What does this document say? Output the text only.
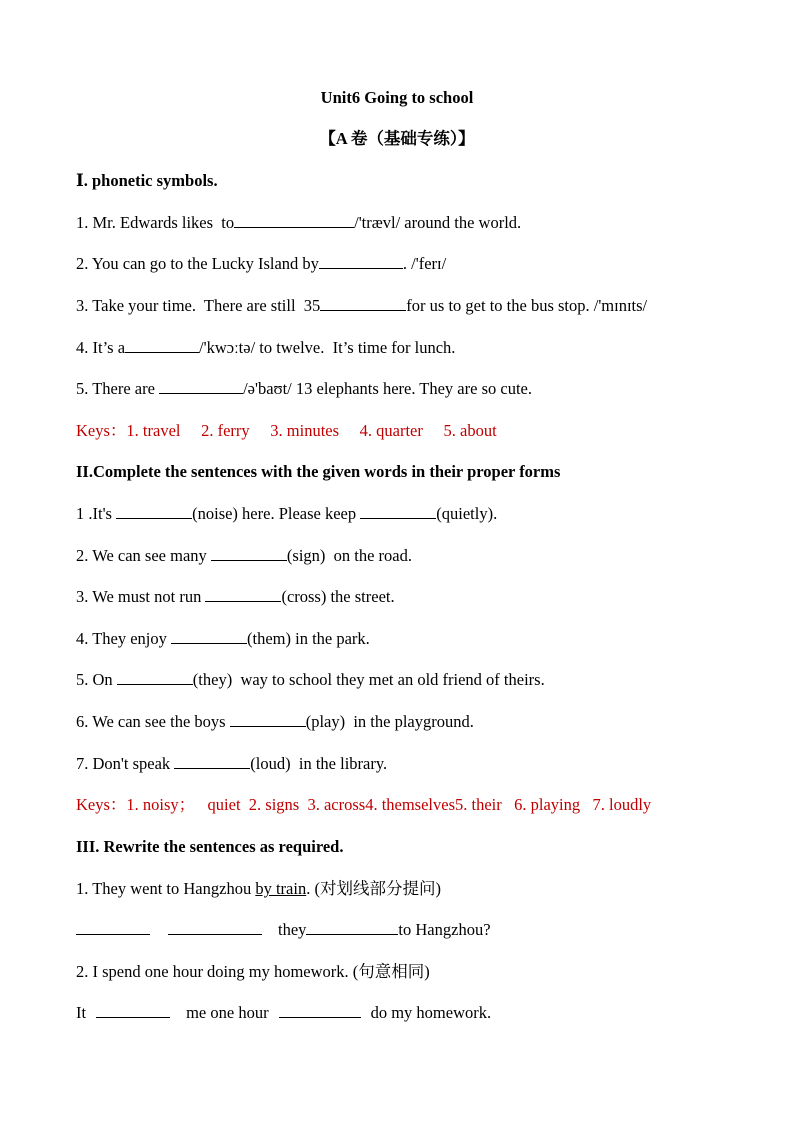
Unit6 Going to school
【A 卷（基础专练）】
Ⅰ. phonetic symbols.
1. Mr. Edwards likes  to	/'trævl/ around the world.
2. You can go to the Lucky Island by	. /'ferɪ/
3. Take your time.  There are still  35	for us to get to the bus stop. /'mɪnɪts/
4. It’s a	/'kwɔːtə/ to twelve.  It’s time for lunch.
5. There are	/ə'baʊt/ 13 elephants here. They are so cute.
Keys：1. travel     2. ferry     3. minutes     4. quarter     5. about
II.Complete the sentences with the given words in their proper forms
1 .It's	(noise) here. Please keep	(quietly).
2. We can see many	(sign)  on the road.
3. We must not run	(cross) the street.
4. They enjoy	(them) in the park.
5. On	(they)  way to school they met an old friend of theirs.
6. We can see the boys	(play)  in the playground.
7. Don't speak	(loud)  in the library.
Keys：1. noisy；   quiet  2. signs  3. across4. themselves5. their   6. playing   7. loudly
III. Rewrite the sentences as required.
1. They went to Hangzhou by train. (对划线部分提问)
they	to Hangzhou?
2. I spend one hour doing my homework. (句意相同)
It	me one hour	do my homework.
